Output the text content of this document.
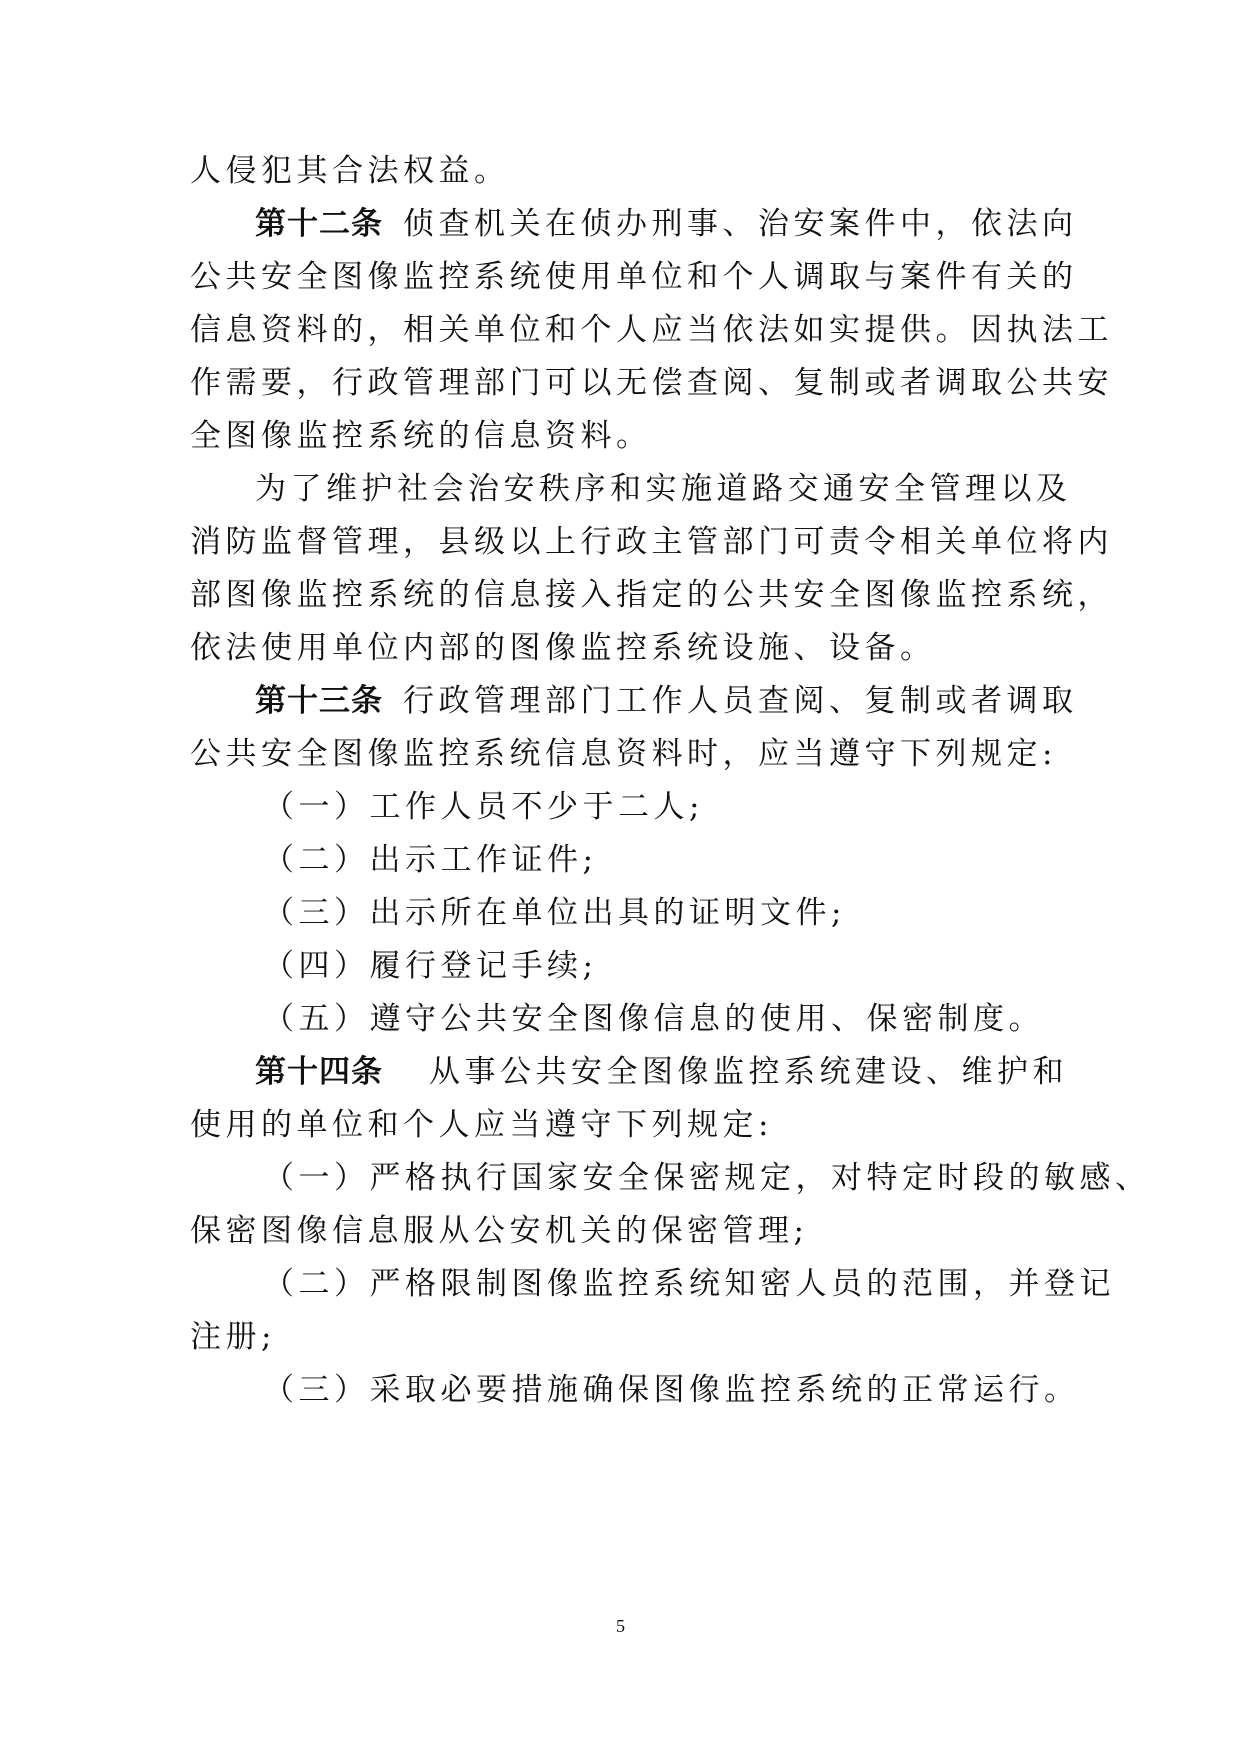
人侵犯其合法权益。
第十二条 侦查机关在侦办刑事、治安案件中，依法向
公共安全图像监控系统使用单位和个人调取与案件有关的
信息资料的，相关单位和个人应当依法如实提供。因执法工
作需要，行政管理部门可以无偿查阅、复制或者调取公共安
全图像监控系统的信息资料。
为了维护社会治安秩序和实施道路交通安全管理以及
消防监督管理，县级以上行政主管部门可责令相关单位将内
部图像监控系统的信息接入指定的公共安全图像监控系统，
依法使用单位内部的图像监控系统设施、设备。
第十三条 行政管理部门工作人员查阅、复制或者调取
公共安全图像监控系统信息资料时，应当遵守下列规定:
（一）工作人员不少于二人;
（二）出示工作证件;
（三）出示所在单位出具的证明文件;
（四）履行登记手续;
（五）遵守公共安全图像信息的使用、保密制度。
第十四条 从事公共安全图像监控系统建设、维护和
使用的单位和个人应当遵守下列规定:
（一）严格执行国家安全保密规定，对特定时段的敏感、
保密图像信息服从公安机关的保密管理;
（二）严格限制图像监控系统知密人员的范围，并登记
注册;
（三）采取必要措施确保图像监控系统的正常运行。
5
